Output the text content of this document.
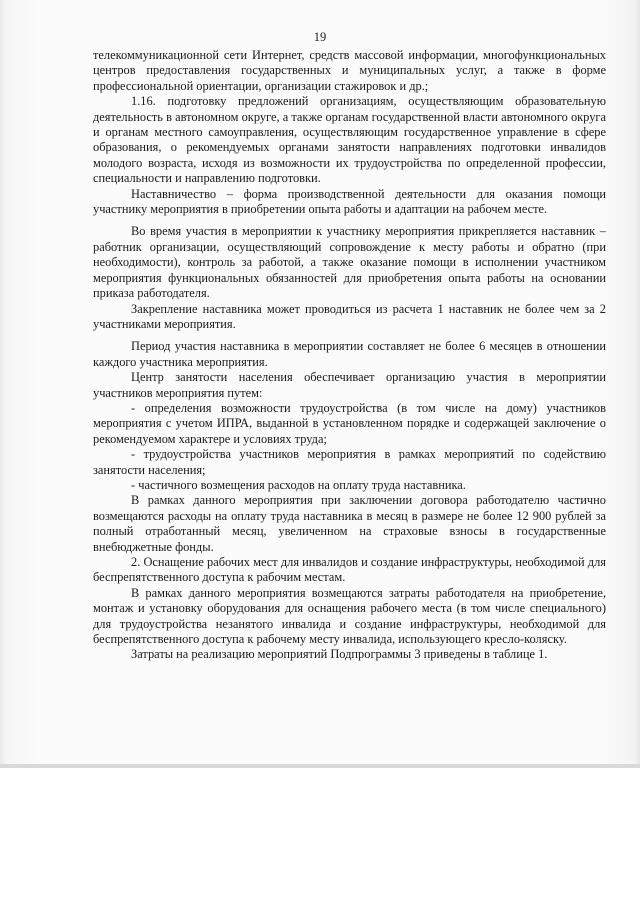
19

телекоммуникационной сети Интернет, средств массовой информации, многофункциональных центров предоставления государственных и муниципальных услуг, а также в форме профессиональной ориентации, организации стажировок и др.;

1.16. подготовку предложений организациям, осуществляющим образовательную деятельность в автономном округе, а также органам государственной власти автономного округа и органам местного самоуправления, осуществляющим государственное управление в сфере образования, о рекомендуемых органами занятости направлениях подготовки инвалидов молодого возраста, исходя из возможности их трудоустройства по определенной профессии, специальности и направлению подготовки.

Наставничество – форма производственной деятельности для оказания помощи участнику мероприятия в приобретении опыта работы и адаптации на рабочем месте.

Во время участия в мероприятии к участнику мероприятия прикрепляется наставник – работник организации, осуществляющий сопровождение к месту работы и обратно (при необходимости), контроль за работой, а также оказание помощи в исполнении участником мероприятия функциональных обязанностей для приобретения опыта работы на основании приказа работодателя.

Закрепление наставника может проводиться из расчета 1 наставник не более чем за 2 участниками мероприятия.

Период участия наставника в мероприятии составляет не более 6 месяцев в отношении каждого участника мероприятия.

Центр занятости населения обеспечивает организацию участия в мероприятии участников мероприятия путем:

- определения возможности трудоустройства (в том числе на дому) участников мероприятия с учетом ИПРА, выданной в установленном порядке и содержащей заключение о рекомендуемом характере и условиях труда;

- трудоустройства участников мероприятия в рамках мероприятий по содействию занятости населения;

- частичного возмещения расходов на оплату труда наставника.

В рамках данного мероприятия при заключении договора работодателю частично возмещаются расходы на оплату труда наставника в месяц в размере не более 12 900 рублей за полный отработанный месяц, увеличенном на страховые взносы в государственные внебюджетные фонды.

2. Оснащение рабочих мест для инвалидов и создание инфраструктуры, необходимой для беспрепятственного доступа к рабочим местам.

В рамках данного мероприятия возмещаются затраты работодателя на приобретение, монтаж и установку оборудования для оснащения рабочего места (в том числе специального) для трудоустройства незанятого инвалида и создание инфраструктуры, необходимой для беспрепятственного доступа к рабочему месту инвалида, использующего кресло-коляску.

Затраты на реализацию мероприятий Подпрограммы 3 приведены в таблице 1.
